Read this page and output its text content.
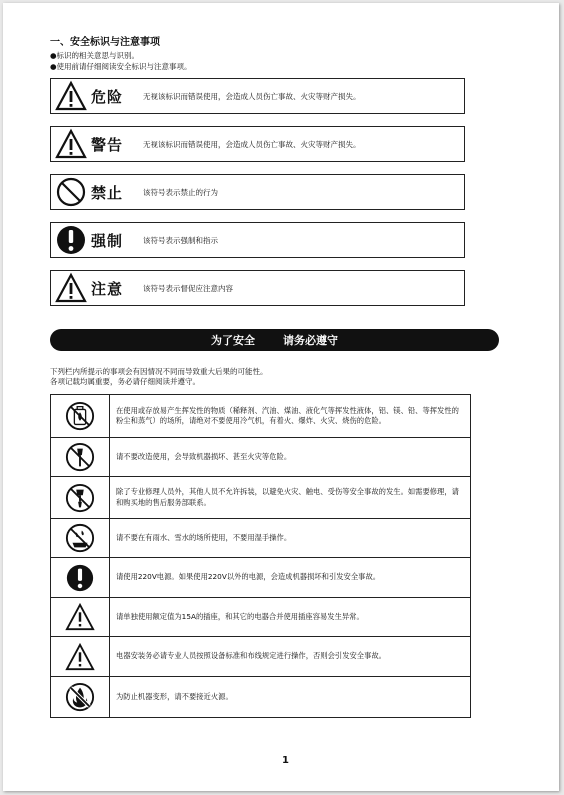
一、安全标识与注意事项
●标识的相关意思与识别。
●使用前请仔细阅读安全标识与注意事项。
危险	无视该标识而错误使用，会造成人员伤亡事故、火灾等财产损失。
警告	无视该标识而错误使用，会造成人员伤亡事故、火灾等财产损失。
禁止	该符号表示禁止的行为
强制	该符号表示强制和指示
注意	该符号表示督促应注意内容
为了安全	请务必遵守
下列栏内所提示的事项会有因情况不同而导致重大后果的可能性。
各项记载均属重要，务必请仔细阅读并遵守。
在使用或存放易产生挥发性的物质（稀释剂、汽油、煤油、液化气等挥发性液体，铝、镁、铅、等挥发性的粉尘和蒸气）的场所，请绝对不要使用冷气机，有着火、爆炸、火灾、烧伤的危险。
请不要改造使用，会导致机器损坏、甚至火灾等危险。
除了专业修理人员外，其他人员不允许拆装，以避免火灾、触电、受伤等安全事故的发生。如需要修理，请和购买地的售后服务部联系。
请不要在有雨水、雪水的场所使用，不要用湿手操作。
请使用220V电源。如果使用220V以外的电源，会造成机器损坏和引发安全事故。
请单独使用额定值为15A的插座，和其它的电器合并使用插座容易发生异常。
电器安装务必请专业人员按照设备标准和布线规定进行操作，否则会引发安全事故。
为防止机器变形，请不要接近火源。
1
